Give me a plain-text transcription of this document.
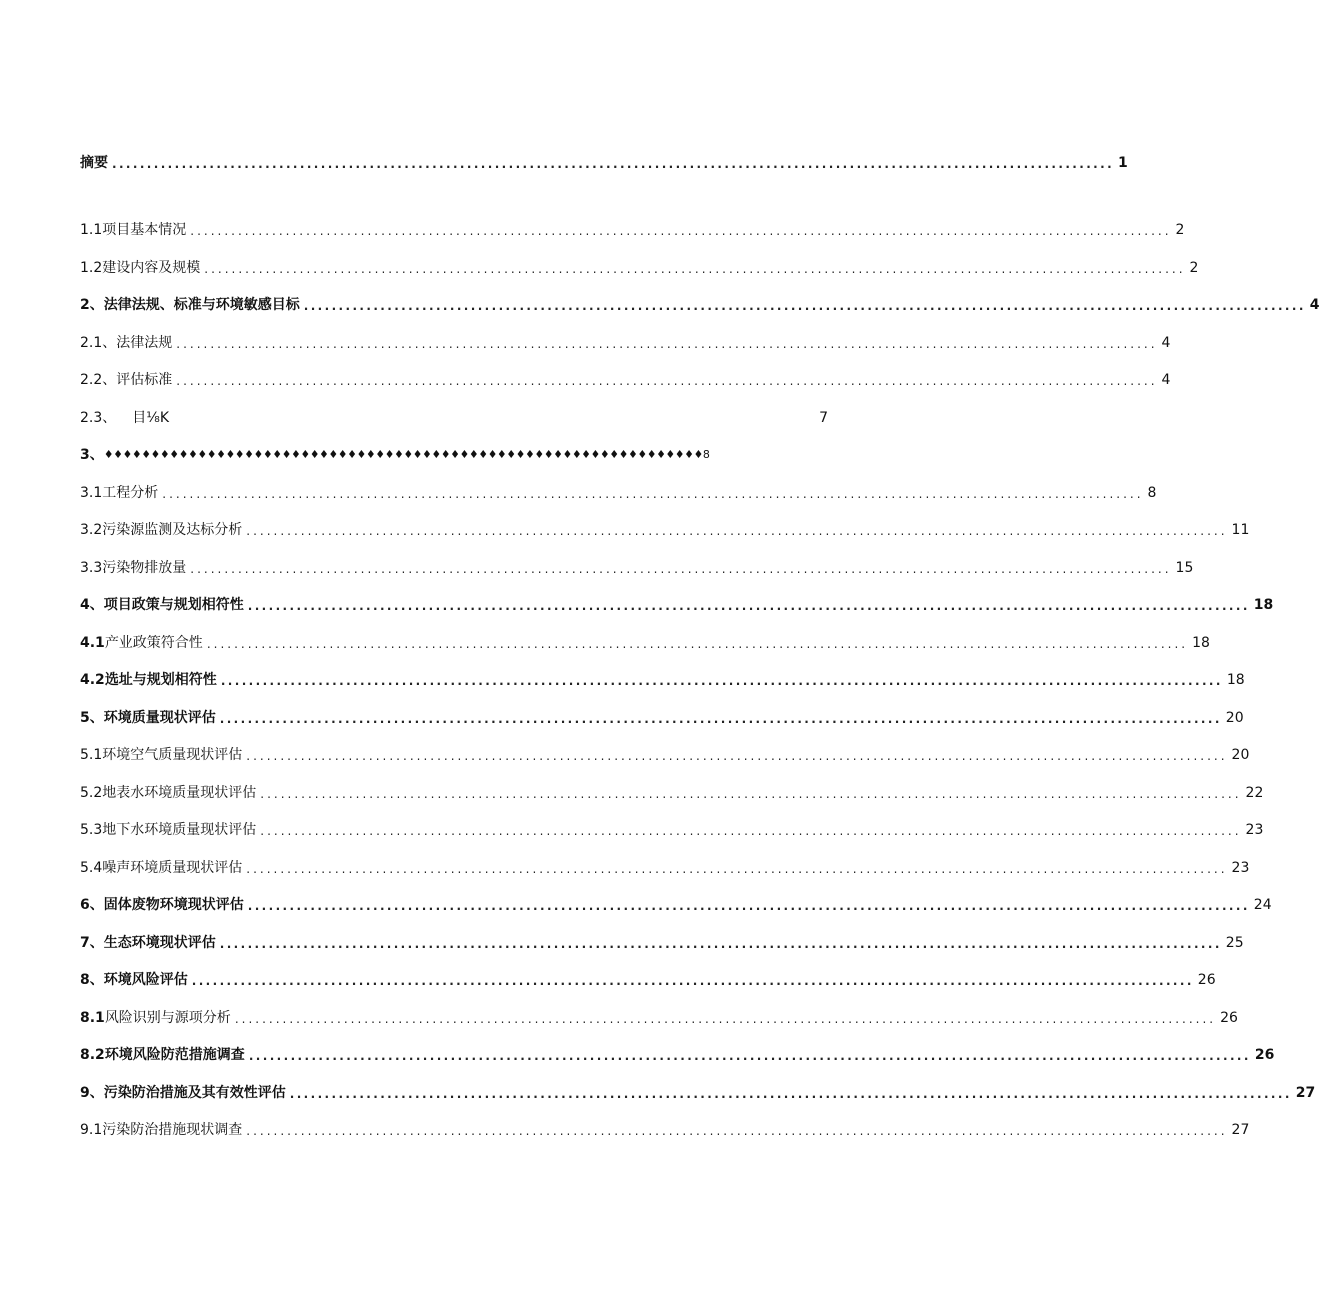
摘要 ................................................................................................................................................ 1
1.1 项目基本情况 ................................................................................................................................................ 2
1.2 建设内容及规模 ................................................................................................................................................ 2
2、 法律法规、标准与环境敏感目标 ................................................................................................................................................ 4
2.1、 法律法规 ................................................................................................................................................ 4
2.2、 评估标准 ................................................................................................................................................ 4
2.3、 目⅛K	7
3、 ♦♦♦♦♦♦♦♦♦♦♦♦♦♦♦♦♦♦♦♦♦♦♦♦♦♦♦♦♦♦♦♦♦♦♦♦♦♦♦♦♦♦♦♦♦♦♦♦♦♦♦♦♦♦♦♦♦♦♦♦♦♦♦♦8
3.1 工程分析 ................................................................................................................................................ 8
3.2 污染源监测及达标分析 ................................................................................................................................................ 11
3.3 污染物排放量 ................................................................................................................................................ 15
4、 项目政策与规划相符性 ................................................................................................................................................ 18
4.1 产业政策符合性 ................................................................................................................................................ 18
4.2 选址与规划相符性 ................................................................................................................................................ 18
5、 环境质量现状评估 ................................................................................................................................................ 20
5.1 环境空气质量现状评估 ................................................................................................................................................ 20
5.2 地表水环境质量现状评估 ................................................................................................................................................ 22
5.3 地下水环境质量现状评估 ................................................................................................................................................ 23
5.4 噪声环境质量现状评估 ................................................................................................................................................ 23
6、 固体废物环境现状评估 ................................................................................................................................................ 24
7、 生态环境现状评估 ................................................................................................................................................ 25
8、 环境风险评估 ................................................................................................................................................ 26
8.1 风险识别与源项分析 ................................................................................................................................................ 26
8.2 环境风险防范措施调查 ................................................................................................................................................ 26
9、 污染防治措施及其有效性评估 ................................................................................................................................................ 27
9.1 污染防治措施现状调查 ................................................................................................................................................ 27
